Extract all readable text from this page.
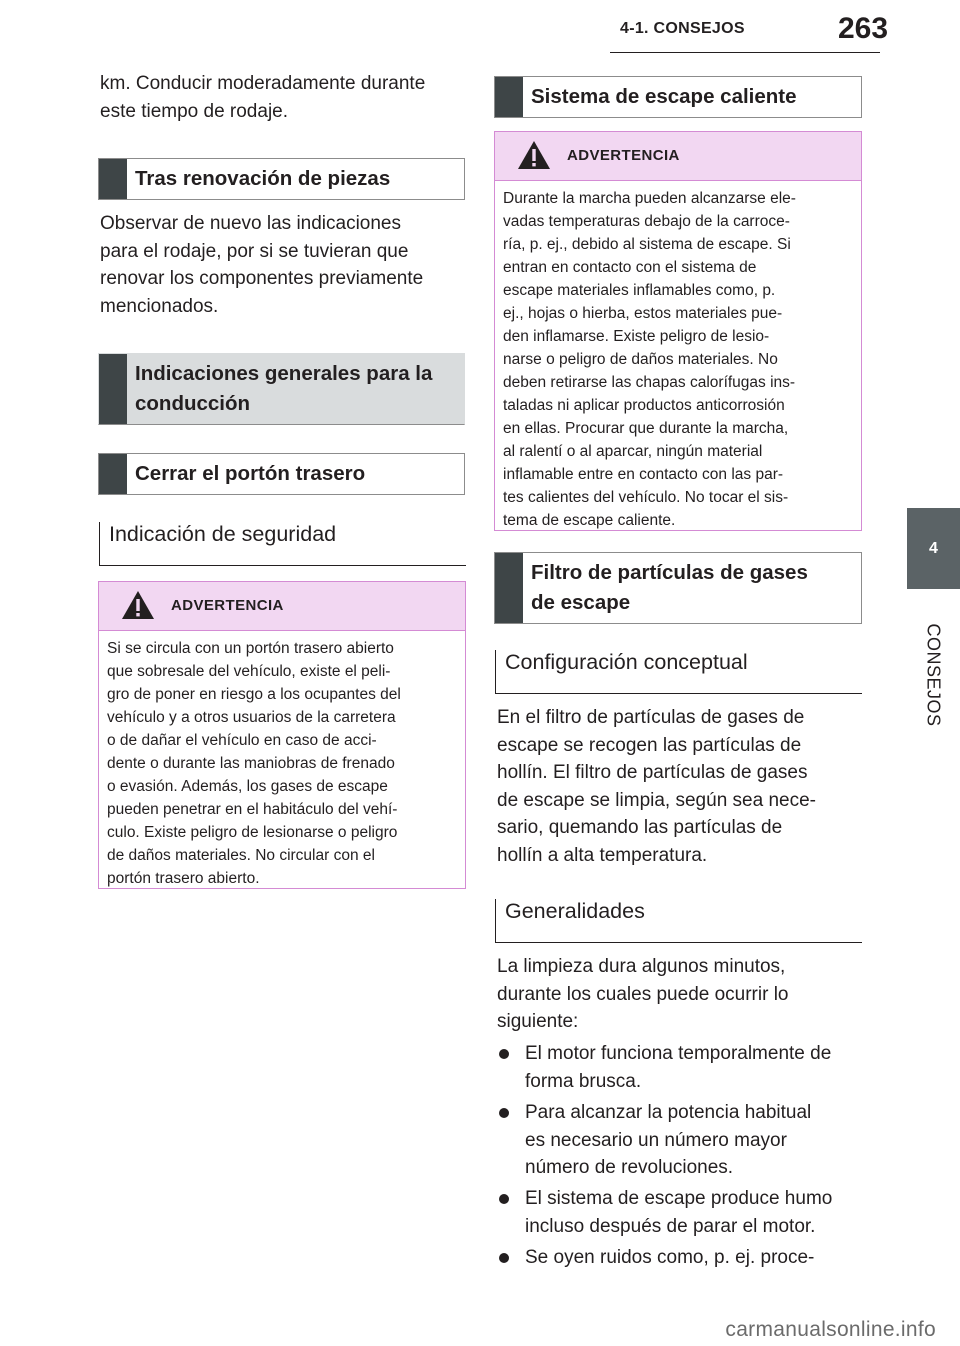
4-1. CONSEJOS	263
4
CONSEJOS
km. Conducir moderadamente durante
este tiempo de rodaje.
Tras renovación de piezas
Observar de nuevo las indicaciones
para el rodaje, por si se tuvieran que
renovar los componentes previamente
mencionados.
Indicaciones generales para la
conducción
Cerrar el portón trasero
Indicación de seguridad
ADVERTENCIA
Si se circula con un portón trasero abierto
que sobresale del vehículo, existe el peli-
gro de poner en riesgo a los ocupantes del
vehículo y a otros usuarios de la carretera
o de dañar el vehículo en caso de acci-
dente o durante las maniobras de frenado
o evasión. Además, los gases de escape
pueden penetrar en el habitáculo del vehí-
culo. Existe peligro de lesionarse o peligro
de daños materiales. No circular con el
portón trasero abierto.
Sistema de escape caliente
ADVERTENCIA
Durante la marcha pueden alcanzarse ele-
vadas temperaturas debajo de la carroce-
ría, p. ej., debido al sistema de escape. Si
entran en contacto con el sistema de
escape materiales inflamables como, p.
ej., hojas o hierba, estos materiales pue-
den inflamarse. Existe peligro de lesio-
narse o peligro de daños materiales. No
deben retirarse las chapas calorífugas ins-
taladas ni aplicar productos anticorrosión
en ellas. Procurar que durante la marcha,
al ralentí o al aparcar, ningún material
inflamable entre en contacto con las par-
tes calientes del vehículo. No tocar el sis-
tema de escape caliente.
Filtro de partículas de gases
de escape
Configuración conceptual
En el filtro de partículas de gases de
escape se recogen las partículas de
hollín. El filtro de partículas de gases
de escape se limpia, según sea nece-
sario, quemando las partículas de
hollín a alta temperatura.
Generalidades
La limpieza dura algunos minutos,
durante los cuales puede ocurrir lo
siguiente:
El motor funciona temporalmente de
forma brusca.
Para alcanzar la potencia habitual
es necesario un número mayor
número de revoluciones.
El sistema de escape produce humo
incluso después de parar el motor.
Se oyen ruidos como, p. ej. proce-
carmanualsonline.info
